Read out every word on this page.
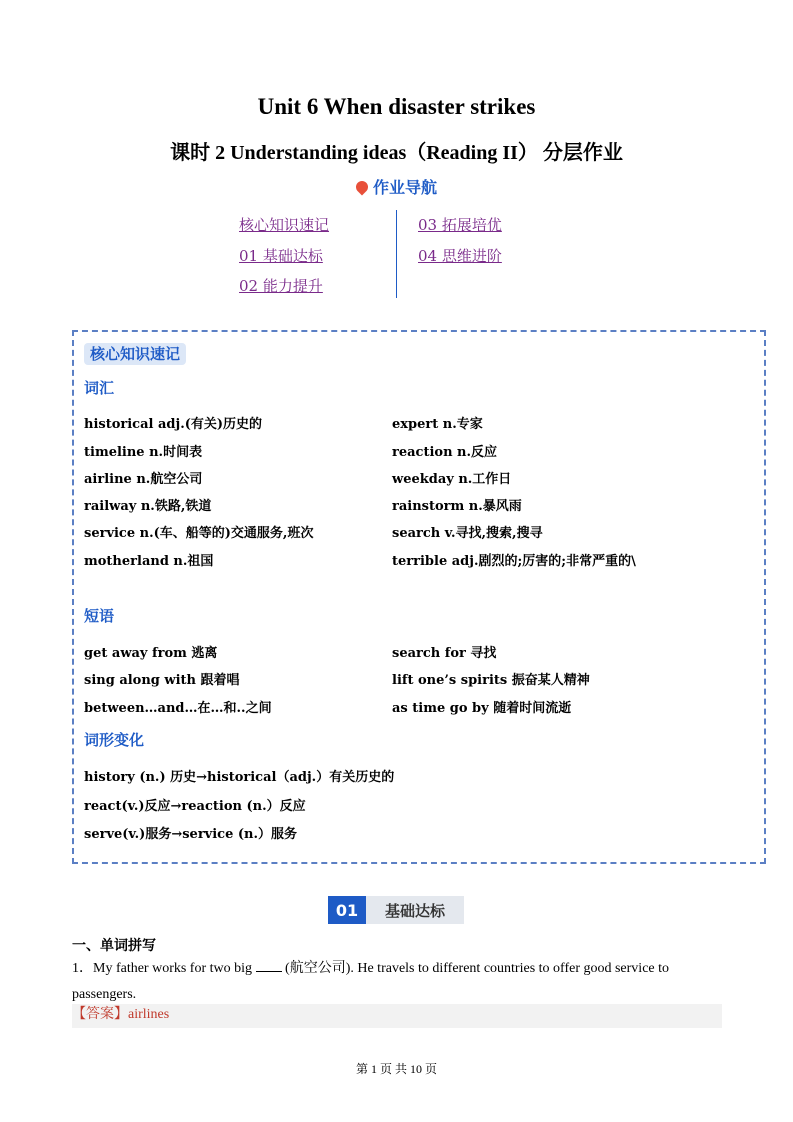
Unit 6 When disaster strikes
课时 2 Understanding ideas（Reading II） 分层作业
作业导航
核心知识速记
01 基础达标
02 能力提升
03 拓展培优
04 思维进阶
核心知识速记
词汇
historical adj.(有关)历史的
timeline n.时间表
airline n.航空公司
railway n.铁路,铁道
service n.(车、船等的)交通服务,班次
motherland n.祖国
expert n.专家
reaction n.反应
weekday n.工作日
rainstorm n.暴风雨
search v.寻找,搜索,搜寻
terrible adj.剧烈的;厉害的;非常严重的\
短语
get away from 逃离
sing along with 跟着唱
between…and…在…和..之间
search for 寻找
lift one’s spirits 振奋某人精神
as time go by 随着时间流逝
词形变化
history (n.) 历史→historical（adj.）有关历史的
react(v.)反应→reaction (n.）反应
serve(v.)服务→service (n.）服务
01	基础达标
一、单词拼写
1．My father works for two big (航空公司). He travels to different countries to offer good service to passengers.
【答案】airlines
第 1 页 共 10 页
